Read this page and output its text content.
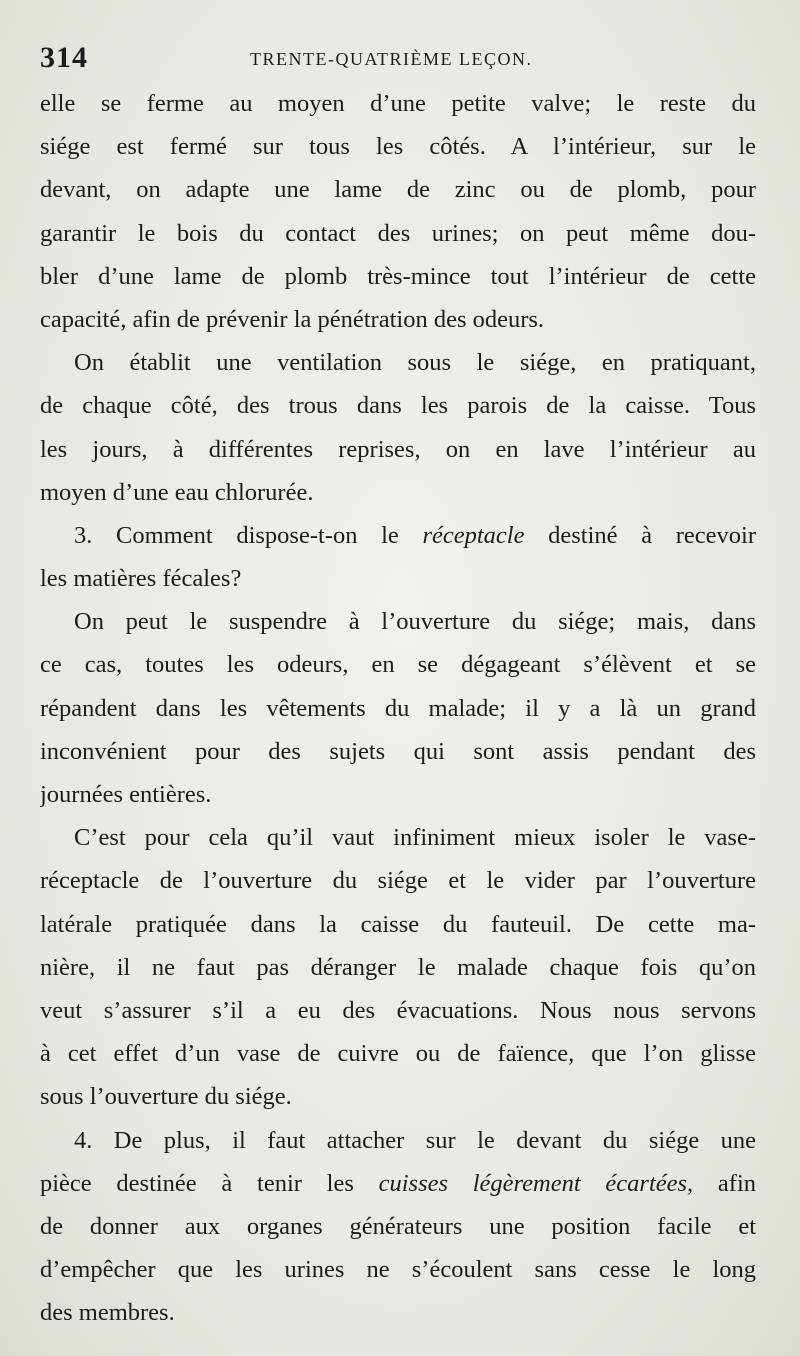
314	TRENTE-QUATRIÈME LEÇON.
elle se ferme au moyen d’une petite valve; le reste du
siége est fermé sur tous les côtés. A l’intérieur, sur le
devant, on adapte une lame de zinc ou de plomb, pour
garantir le bois du contact des urines; on peut même dou-
bler d’une lame de plomb très-mince tout l’intérieur de cette
capacité, afin de prévenir la pénétration des odeurs.
On établit une ventilation sous le siége, en pratiquant,
de chaque côté, des trous dans les parois de la caisse. Tous
les jours, à différentes reprises, on en lave l’intérieur au
moyen d’une eau chlorurée.
3. Comment dispose-t-on le réceptacle destiné à recevoir
les matières fécales?
On peut le suspendre à l’ouverture du siége; mais, dans
ce cas, toutes les odeurs, en se dégageant s’élèvent et se
répandent dans les vêtements du malade; il y a là un grand
inconvénient pour des sujets qui sont assis pendant des
journées entières.
C’est pour cela qu’il vaut infiniment mieux isoler le vase-
réceptacle de l’ouverture du siége et le vider par l’ouverture
latérale pratiquée dans la caisse du fauteuil. De cette ma-
nière, il ne faut pas déranger le malade chaque fois qu’on
veut s’assurer s’il a eu des évacuations. Nous nous servons
à cet effet d’un vase de cuivre ou de faïence, que l’on glisse
sous l’ouverture du siége.
4. De plus, il faut attacher sur le devant du siége une
pièce destinée à tenir les cuisses légèrement écartées, afin
de donner aux organes générateurs une position facile et
d’empêcher que les urines ne s’écoulent sans cesse le long
des membres.
